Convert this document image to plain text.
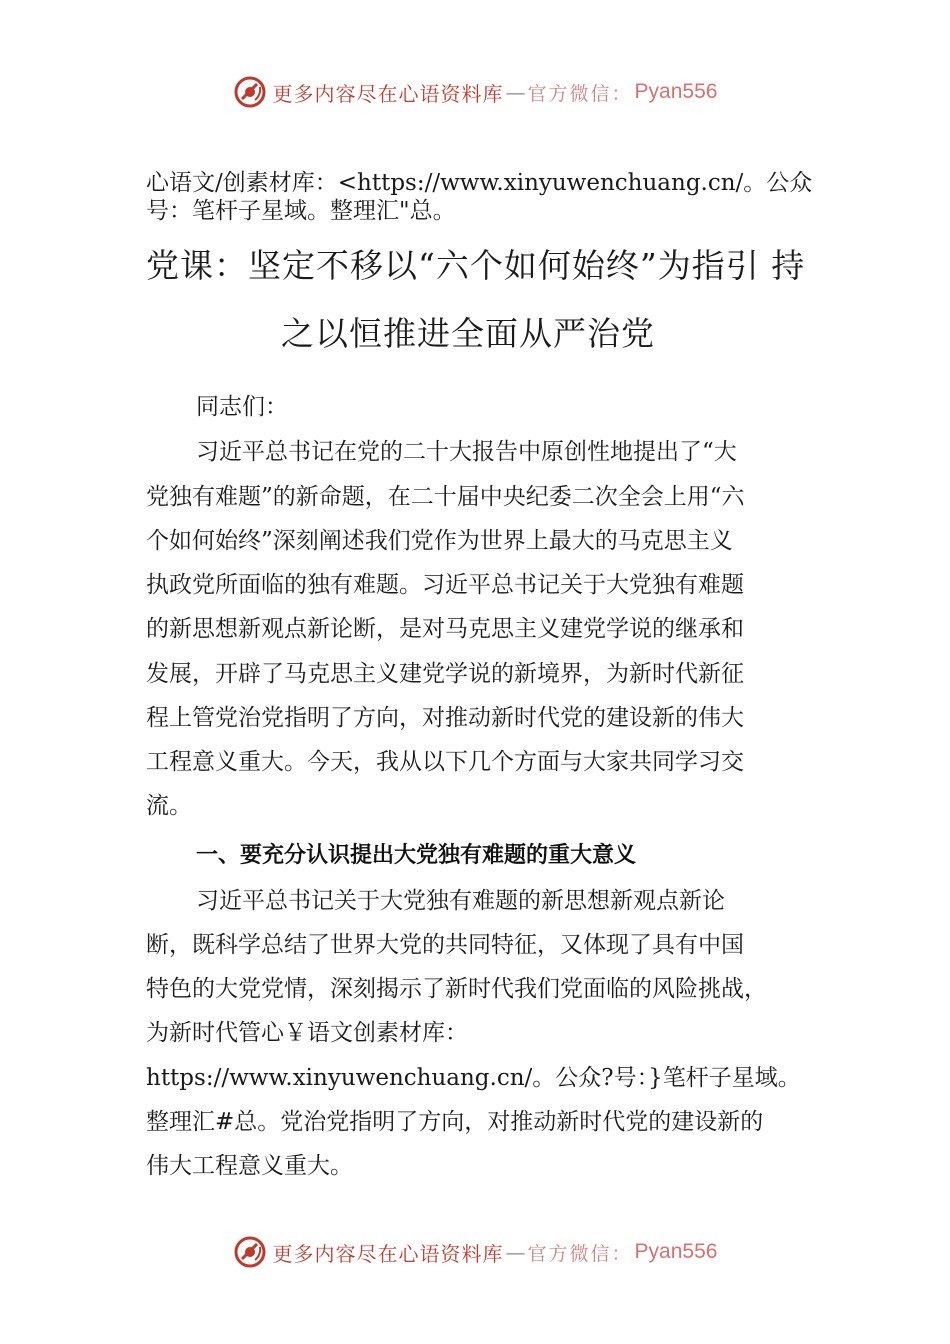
更多内容尽在心语资料库 — 官方微信： Pyan556
心语文/创素材库：<https://www.xinyuwenchuang.cn/。公众
号：笔杆子星域。整理汇"总。
党课：坚定不移以“六个如何始终”为指引 持
之以恒推进全面从严治党
同志们：
习近平总书记在党的二十大报告中原创性地提出了“大
党独有难题”的新命题，在二十届中央纪委二次全会上用“六
个如何始终”深刻阐述我们党作为世界上最大的马克思主义
执政党所面临的独有难题。习近平总书记关于大党独有难题
的新思想新观点新论断，是对马克思主义建党学说的继承和
发展，开辟了马克思主义建党学说的新境界，为新时代新征
程上管党治党指明了方向，对推动新时代党的建设新的伟大
工程意义重大。今天，我从以下几个方面与大家共同学习交
流。
一、要充分认识提出大党独有难题的重大意义
习近平总书记关于大党独有难题的新思想新观点新论
断，既科学总结了世界大党的共同特征，又体现了具有中国
特色的大党党情，深刻揭示了新时代我们党面临的风险挑战，
为新时代管心￥语文创素材库：
https://www.xinyuwenchuang.cn/。公众?号：}笔杆子星域。
整理汇#总。党治党指明了方向，对推动新时代党的建设新的
伟大工程意义重大。
更多内容尽在心语资料库 — 官方微信： Pyan556
